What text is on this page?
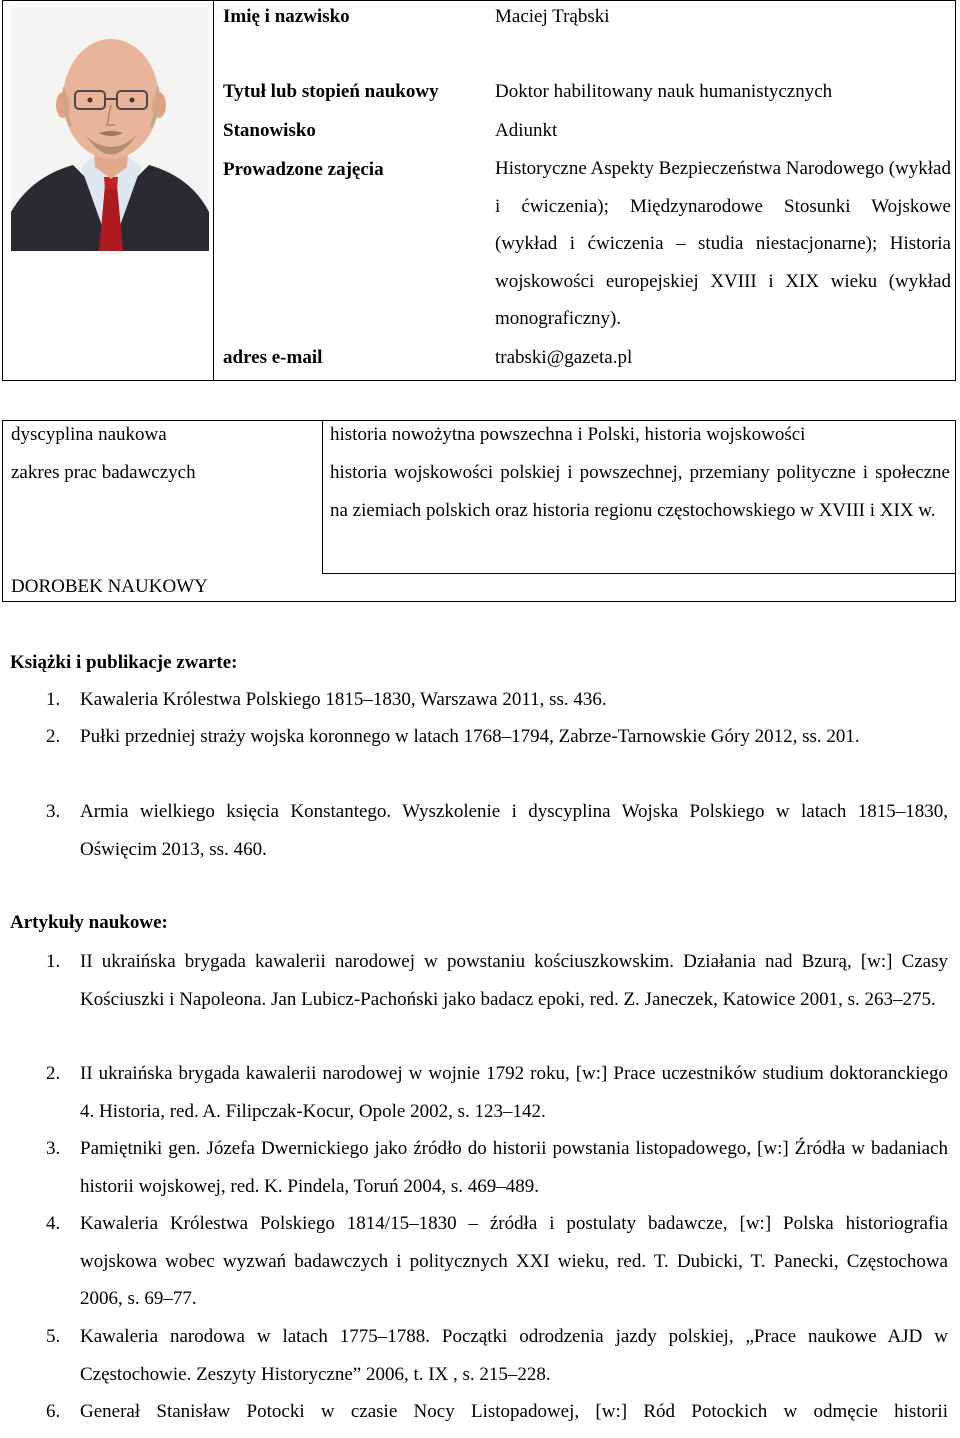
Imię i nazwisko	Maciej Trąbski
Tytuł lub stopień naukowy	Doktor habilitowany nauk humanistycznych
Stanowisko	Adiunkt
Prowadzone zajęcia	Historyczne Aspekty Bezpieczeństwa Narodowego (wykład i ćwiczenia); Międzynarodowe Stosunki Wojskowe (wykład i ćwiczenia – studia niestacjonarne); Historia wojskowości europejskiej XVIII i XIX wieku (wykład monograficzny).
adres e-mail	trabski@gazeta.pl
dyscyplina naukowa	historia nowożytna powszechna i Polski, historia wojskowości
zakres prac badawczych	historia wojskowości polskiej i powszechnej, przemiany polityczne i społeczne na ziemiach polskich oraz historia regionu częstochowskiego w XVIII i XIX w.
DOROBEK NAUKOWY
Książki i publikacje zwarte:
1. Kawaleria Królestwa Polskiego 1815–1830, Warszawa 2011, ss. 436.
2. Pułki przedniej straży wojska koronnego w latach 1768–1794, Zabrze-Tarnowskie Góry 2012, ss. 201.
3. Armia wielkiego księcia Konstantego. Wyszkolenie i dyscyplina Wojska Polskiego w latach 1815–1830, Oświęcim 2013, ss. 460.
Artykuły naukowe:
1. II ukraińska brygada kawalerii narodowej w powstaniu kościuszkowskim. Działania nad Bzurą, [w:] Czasy Kościuszki i Napoleona. Jan Lubicz-Pachoński jako badacz epoki, red. Z. Janeczek, Katowice 2001, s. 263–275.
2. II ukraińska brygada kawalerii narodowej w wojnie 1792 roku, [w:] Prace uczestników studium doktoranckiego 4. Historia, red. A. Filipczak-Kocur, Opole 2002, s. 123–142.
3. Pamiętniki gen. Józefa Dwernickiego jako źródło do historii powstania listopadowego, [w:] Źródła w badaniach historii wojskowej, red. K. Pindela, Toruń 2004, s. 469–489.
4. Kawaleria Królestwa Polskiego 1814/15–1830 – źródła i postulaty badawcze, [w:] Polska historiografia wojskowa wobec wyzwań badawczych i politycznych XXI wieku, red. T. Dubicki, T. Panecki, Częstochowa 2006, s. 69–77.
5. Kawaleria narodowa w latach 1775–1788. Początki odrodzenia jazdy polskiej, „Prace naukowe AJD w Częstochowie. Zeszyty Historyczne” 2006, t. IX , s. 215–228.
6. Generał Stanisław Potocki w czasie Nocy Listopadowej, [w:] Ród Potockich w odmęcie historii
